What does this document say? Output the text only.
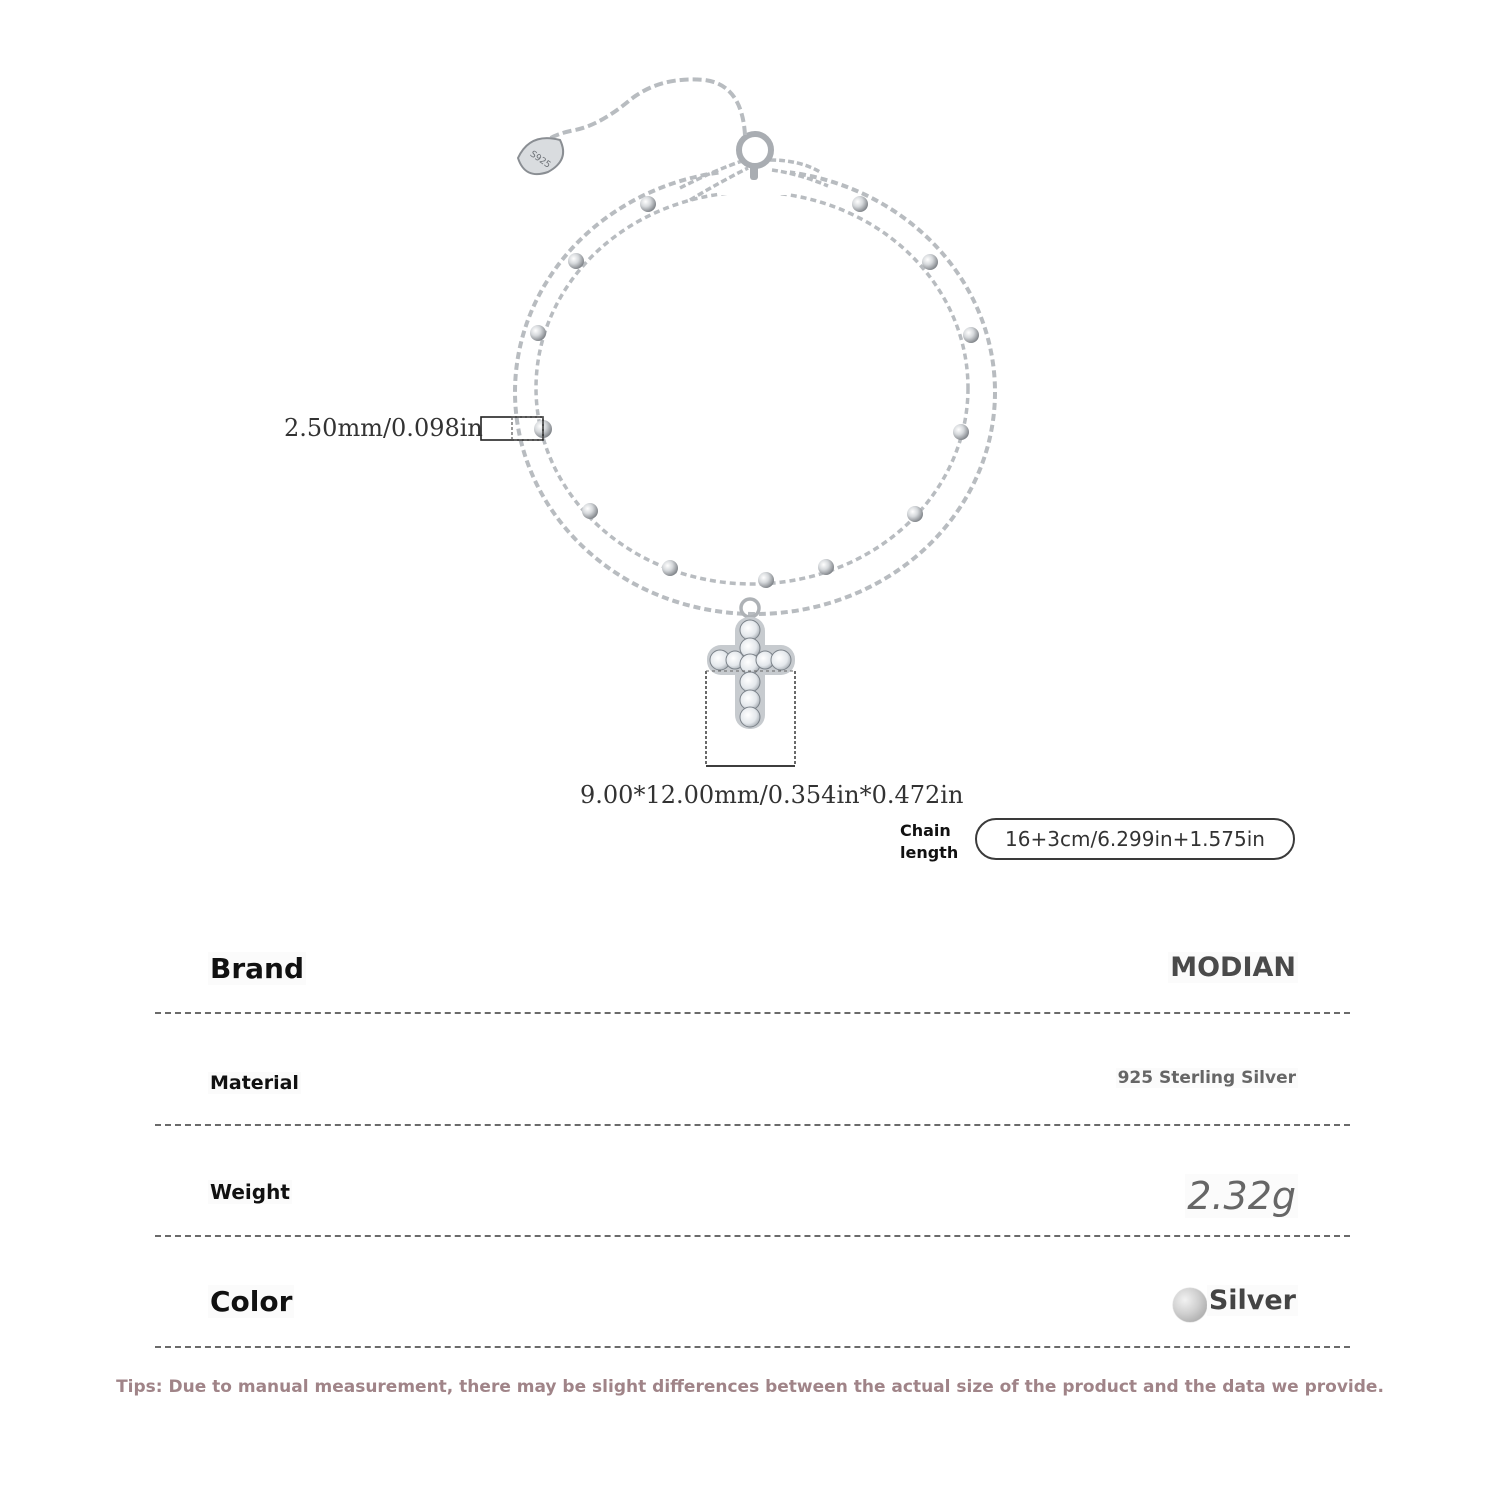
S925
2.50mm/0.098in
9.00*12.00mm/0.354in*0.472in
Chain
length
16+3cm/6.299in+1.575in
Brand	MODIAN
Material	925 Sterling Silver
Weight	2.32g
Color	Silver
Tips: Due to manual measurement, there may be slight differences between the actual size of the product and the data we provide.
